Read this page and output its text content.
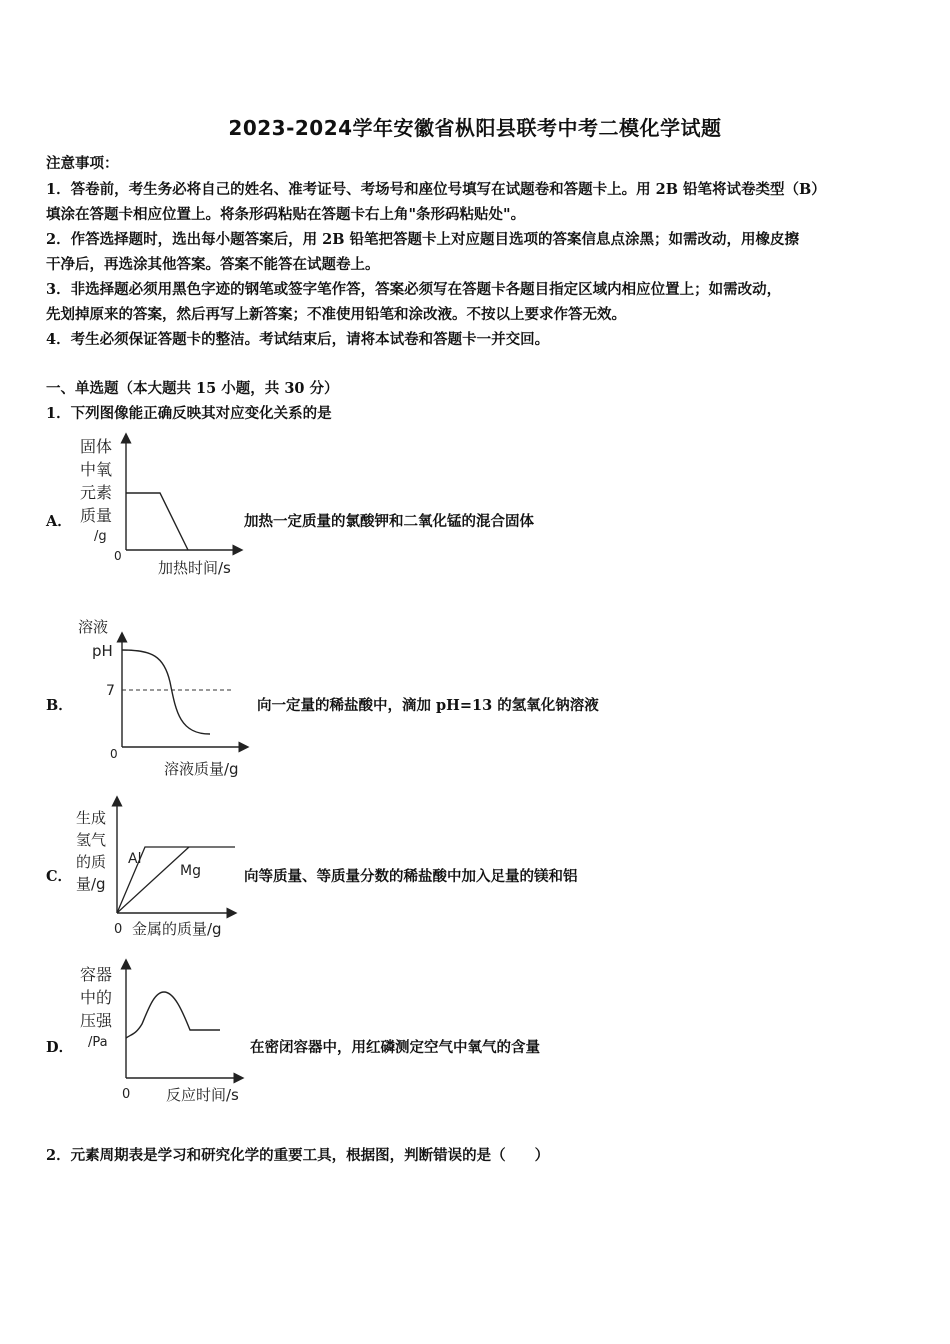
2023-2024学年安徽省枞阳县联考中考二模化学试题
注意事项：
1．答卷前，考生务必将自己的姓名、准考证号、考场号和座位号填写在试题卷和答题卡上。用 2B 铅笔将试卷类型（B）
填涂在答题卡相应位置上。将条形码粘贴在答题卡右上角"条形码粘贴处"。
2．作答选择题时，选出每小题答案后，用 2B 铅笔把答题卡上对应题目选项的答案信息点涂黑；如需改动，用橡皮擦
干净后，再选涂其他答案。答案不能答在试题卷上。
3．非选择题必须用黑色字迹的钢笔或签字笔作答，答案必须写在答题卡各题目指定区域内相应位置上；如需改动，
先划掉原来的答案，然后再写上新答案；不准使用铅笔和涂改液。不按以上要求作答无效。
4．考生必须保证答题卡的整洁。考试结束后，请将本试卷和答题卡一并交回。
一、单选题（本大题共 15 小题，共 30 分）
1．下列图像能正确反映其对应变化关系的是
A．	加热一定质量的氯酸钾和二氧化锰的混合固体
固体
中氧
元素
质量
/g
0
加热时间/s
B．	向一定量的稀盐酸中，滴加 pH=13 的氢氧化钠溶液
溶液
pH
7
0
溶液质量/g
C．	向等质量、等质量分数的稀盐酸中加入足量的镁和铝
生成
氢气
的质
量/g
Al
Mg
0 金属的质量/g
D．	在密闭容器中，用红磷测定空气中氧气的含量
容器
中的
压强
/Pa
0 反应时间/s
2．元素周期表是学习和研究化学的重要工具，根据图，判断错误的是（　　）
